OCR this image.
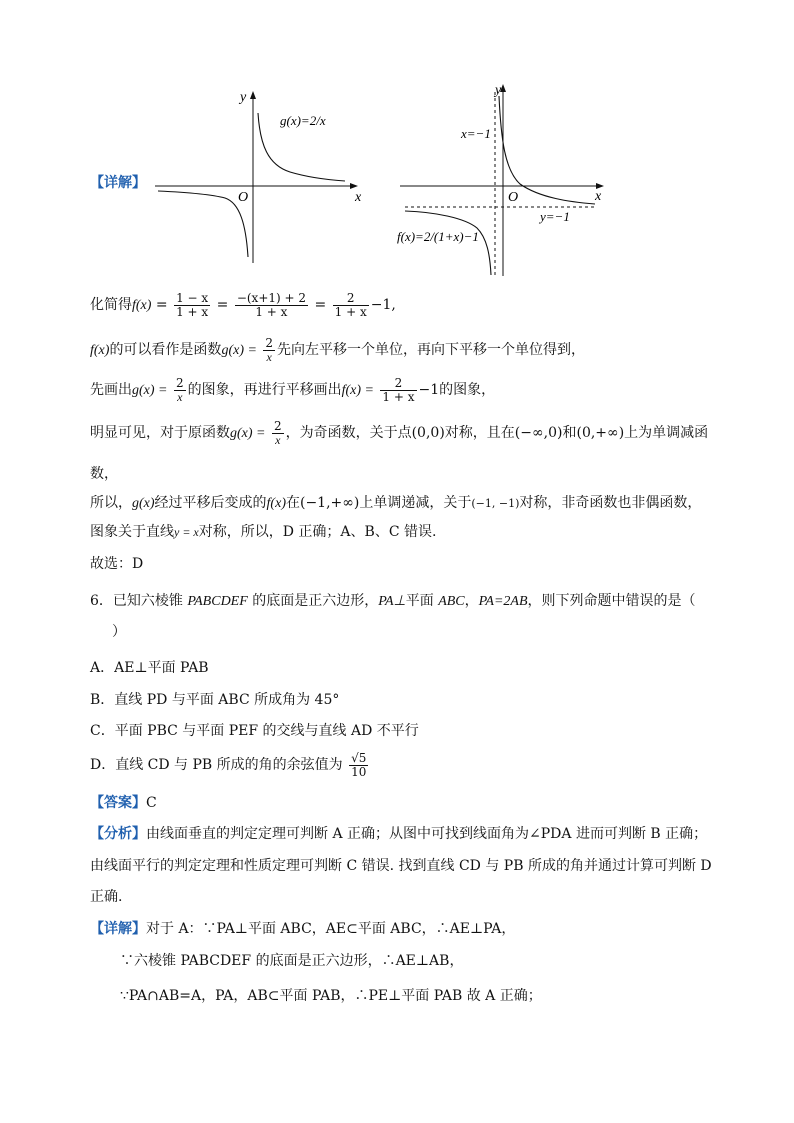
【详解】
y
x
O
g(x)=2/x
y
x
O
x=−1
y=−1
f(x)=2/(1+x)−1
化简得$f(x) = \frac{1 - x}{1 + x} = \frac{-(x+1) + 2}{1 + x} = \frac{2}{1 + x} -1$,
f(x)的可以看作是函数$g(x) = \frac{2}{x}$ 先向左平移一个单位，再向下平移一个单位得到，
先画出$g(x) = \frac{2}{x}$ 的图象，再进行平移画出$f(x) = \frac{2}{1 + x} -1$的图象，
明显可见，对于原函数$g(x) = \frac{2}{x}$ ，为奇函数，关于点(0,0)对称，且在(−∞,0)和(0,+∞)上为单调减函
数，
所以，g(x)经过平移后变成的f(x)在(−1,+∞)上单调递减，关于(−1, −1)对称，非奇函数也非偶函数，
图象关于直线y = x对称，所以，D 正确；A、B、C 错误.
故选：D
6．已知六棱锥 PABCDEF 的底面是正六边形，PA⊥平面 ABC，PA=2AB，则下列命题中错误的是（
）
A．AE⊥平面 PAB
B．直线 PD 与平面 ABC 所成角为 45°
C．平面 PBC 与平面 PEF 的交线与直线 AD 不平行
D．直线 CD 与 PB 所成的角的余弦值为 $\frac{√5}{10}$
【答案】C
【分析】由线面垂直的判定定理可判断 A 正确；从图中可找到线面角为∠PDA 进而可判断 B 正确；
由线面平行的判定定理和性质定理可判断 C 错误. 找到直线 CD 与 PB 所成的角并通过计算可判断 D
正确.
【详解】对于 A：∵PA⊥平面 ABC，AE⊂平面 ABC，∴AE⊥PA，
∵六棱锥 PABCDEF 的底面是正六边形，∴AE⊥AB，
∵PA∩AB=A，PA，AB⊂平面 PAB，∴PE⊥平面 PAB 故 A 正确；
